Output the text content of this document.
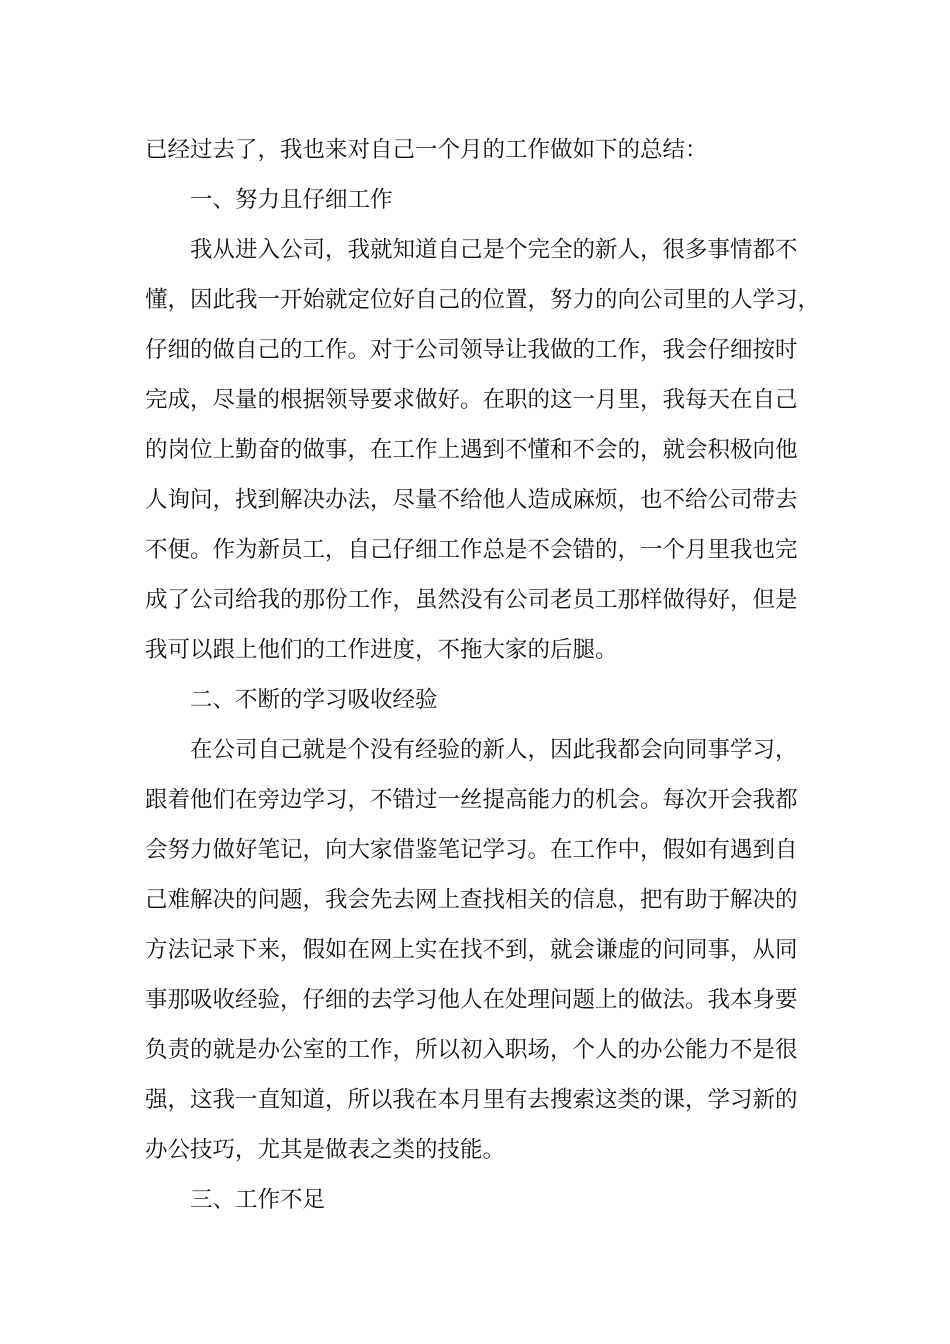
已经过去了，我也来对自己一个月的工作做如下的总结：
一、努力且仔细工作
我从进入公司，我就知道自己是个完全的新人，很多事情都不
懂，因此我一开始就定位好自己的位置，努力的向公司里的人学习，
仔细的做自己的工作。对于公司领导让我做的工作，我会仔细按时
完成，尽量的根据领导要求做好。在职的这一月里，我每天在自己
的岗位上勤奋的做事，在工作上遇到不懂和不会的，就会积极向他
人询问，找到解决办法，尽量不给他人造成麻烦，也不给公司带去
不便。作为新员工，自己仔细工作总是不会错的，一个月里我也完
成了公司给我的那份工作，虽然没有公司老员工那样做得好，但是
我可以跟上他们的工作进度，不拖大家的后腿。
二、不断的学习吸收经验
在公司自己就是个没有经验的新人，因此我都会向同事学习，
跟着他们在旁边学习，不错过一丝提高能力的机会。每次开会我都
会努力做好笔记，向大家借鉴笔记学习。在工作中，假如有遇到自
己难解决的问题，我会先去网上查找相关的信息，把有助于解决的
方法记录下来，假如在网上实在找不到，就会谦虚的问同事，从同
事那吸收经验，仔细的去学习他人在处理问题上的做法。我本身要
负责的就是办公室的工作，所以初入职场，个人的办公能力不是很
强，这我一直知道，所以我在本月里有去搜索这类的课，学习新的
办公技巧，尤其是做表之类的技能。
三、工作不足
